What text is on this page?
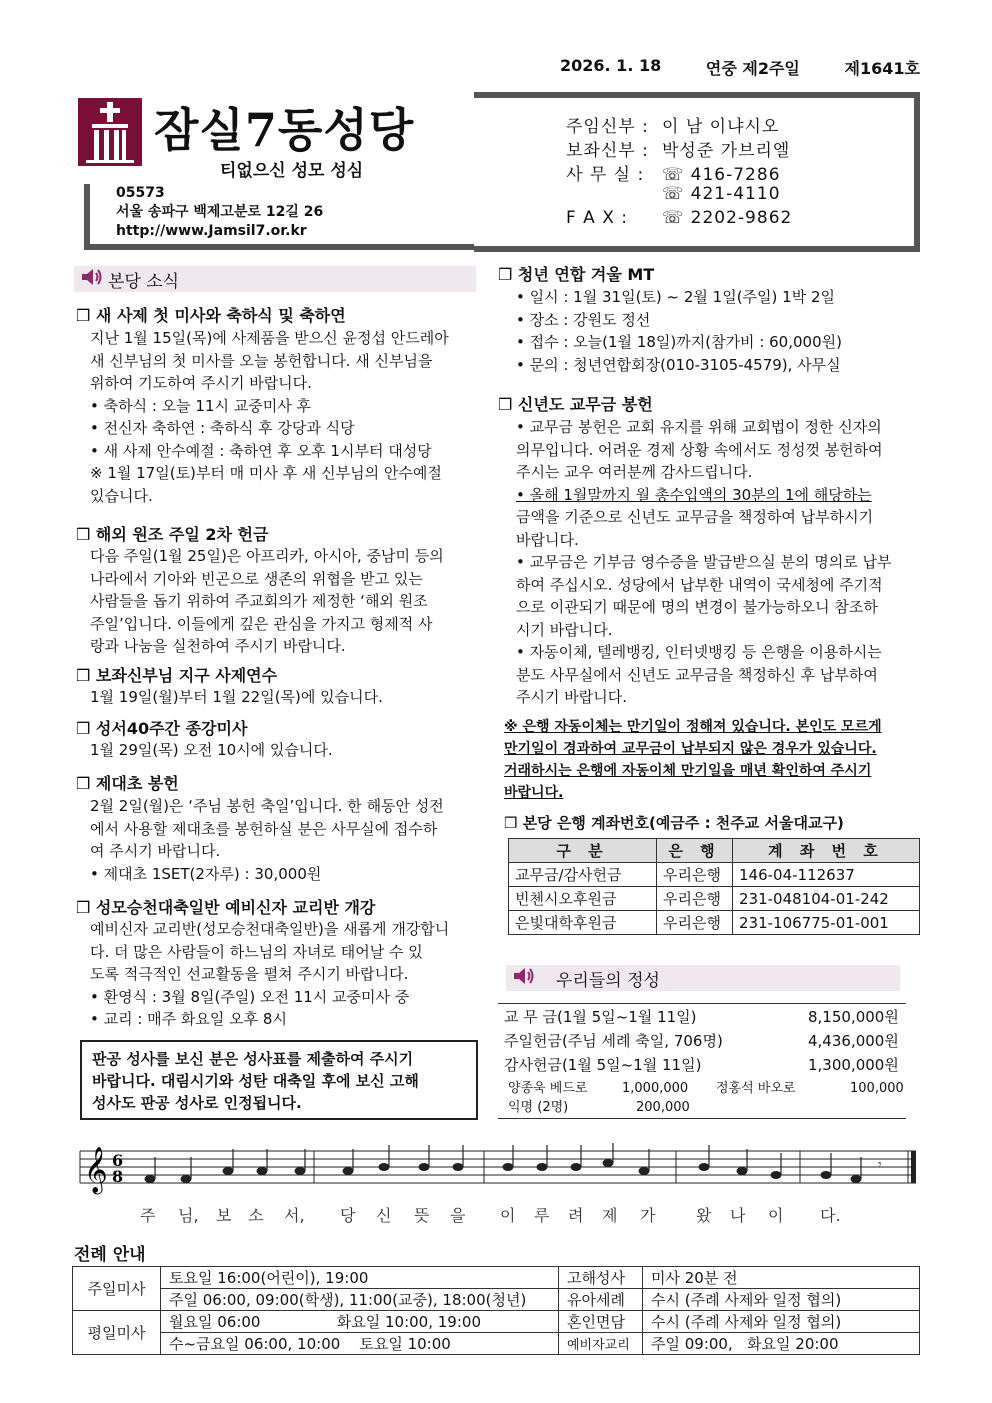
2026. 1. 18	연중 제2주일	제1641호
잠실7동성당
티없으신 성모 성심
05573
서울 송파구 백제고분로 12길 26
http://www.Jamsil7.or.kr
주임신부 : 이 남 이냐시오
보좌신부 : 박성준 가브리엘
사 무 실 : ☏ 416-7286
☏ 421-4110
F A X : ☏ 2202-9862
본당 소식
❒ 새 사제 첫 미사와 축하식 및 축하연
지난 1월 15일(목)에 사제품을 받으신 윤정섭 안드레아
새 신부님의 첫 미사를 오늘 봉헌합니다. 새 신부님을
위하여 기도하여 주시기 바랍니다.
• 축하식 : 오늘 11시 교중미사 후
• 전신자 축하연 : 축하식 후 강당과 식당
• 새 사제 안수예절 : 축하연 후 오후 1시부터 대성당
※ 1월 17일(토)부터 매 미사 후 새 신부님의 안수예절
있습니다.
❒ 해외 원조 주일 2차 헌금
다음 주일(1월 25일)은 아프리카, 아시아, 중남미 등의
나라에서 기아와 빈곤으로 생존의 위협을 받고 있는
사람들을 돕기 위하여 주교회의가 제정한 ‘해외 원조
주일’입니다. 이들에게 깊은 관심을 가지고 형제적 사
랑과 나눔을 실천하여 주시기 바랍니다.
❒ 보좌신부님 지구 사제연수
1월 19일(월)부터 1월 22일(목)에 있습니다.
❒ 성서40주간 종강미사
1월 29일(목) 오전 10시에 있습니다.
❒ 제대초 봉헌
2월 2일(월)은 ‘주님 봉헌 축일’입니다. 한 해동안 성전
에서 사용할 제대초를 봉헌하실 분은 사무실에 접수하
여 주시기 바랍니다.
• 제대초 1SET(2자루) : 30,000원
❒ 성모승천대축일반 예비신자 교리반 개강
예비신자 교리반(성모승천대축일반)을 새롭게 개강합니
다. 더 많은 사람들이 하느님의 자녀로 태어날 수 있
도록 적극적인 선교활동을 펼쳐 주시기 바랍니다.
• 환영식 : 3월 8일(주일) 오전 11시 교중미사 중
• 교리 : 매주 화요일 오후 8시
판공 성사를 보신 분은 성사표를 제출하여 주시기
바랍니다. 대림시기와 성탄 대축일 후에 보신 고해
성사도 판공 성사로 인정됩니다.
❒ 청년 연합 겨울 MT
• 일시 : 1월 31일(토) ~ 2월 1일(주일) 1박 2일
• 장소 : 강원도 정선
• 접수 : 오늘(1월 18일)까지(참가비 : 60,000원)
• 문의 : 청년연합회장(010-3105-4579), 사무실
❒ 신년도 교무금 봉헌
• 교무금 봉헌은 교회 유지를 위해 교회법이 정한 신자의
의무입니다. 어려운 경제 상황 속에서도 정성껏 봉헌하여
주시는 교우 여러분께 감사드립니다.
• 올해 1월말까지 월 총수입액의 30분의 1에 해당하는
금액을 기준으로 신년도 교무금을 책정하여 납부하시기
바랍니다.
• 교무금은 기부금 영수증을 발급받으실 분의 명의로 납부
하여 주십시오. 성당에서 납부한 내역이 국세청에 주기적
으로 이관되기 때문에 명의 변경이 불가능하오니 참조하
시기 바랍니다.
• 자동이체, 텔레뱅킹, 인터넷뱅킹 등 은행을 이용하시는
분도 사무실에서 신년도 교무금을 책정하신 후 납부하여
주시기 바랍니다.
※ 은행 자동이체는 만기일이 정해져 있습니다. 본인도 모르게
만기일이 경과하여 교무금이 납부되지 않은 경우가 있습니다.
거래하시는 은행에 자동이체 만기일을 매년 확인하여 주시기
바랍니다.
❒ 본당 은행 계좌번호(예금주 : 천주교 서울대교구)
구 분	은 행	계 좌 번 호
교무금/감사헌금	우리은행	146-04-112637
빈첸시오후원금	우리은행	231-048104-01-242
은빛대학후원금	우리은행	231-106775-01-001
우리들의 정성
교 무 금(1월 5일~1월 11일)	8,150,000원
주일헌금(주님 세례 축일, 706명)	4,436,000원
감사헌금(1월 5일~1월 11일)	1,300,000원
양종욱 베드로	1,000,000 정홍석 바오로	100,000
익명 (2명)	200,000
𝄞 6
8
𝄾
주 님, 보 소 서, 당 신 뜻 을 이 루 려 제 가	왔 나 이 다.
전례 안내
주일미사	토요일 16:00(어린이), 19:00	고해성사	미사 20분 전
	주일 06:00, 09:00(학생), 11:00(교중), 18:00(청년)	유아세례	수시 (주례 사제와 일정 협의)
평일미사	월요일 06:00                화요일 10:00, 19:00	혼인면담	수시 (주례 사제와 일정 협의)
	수~금요일 06:00, 10:00    토요일 10:00	예비자교리	주일 09:00,   화요일 20:00
